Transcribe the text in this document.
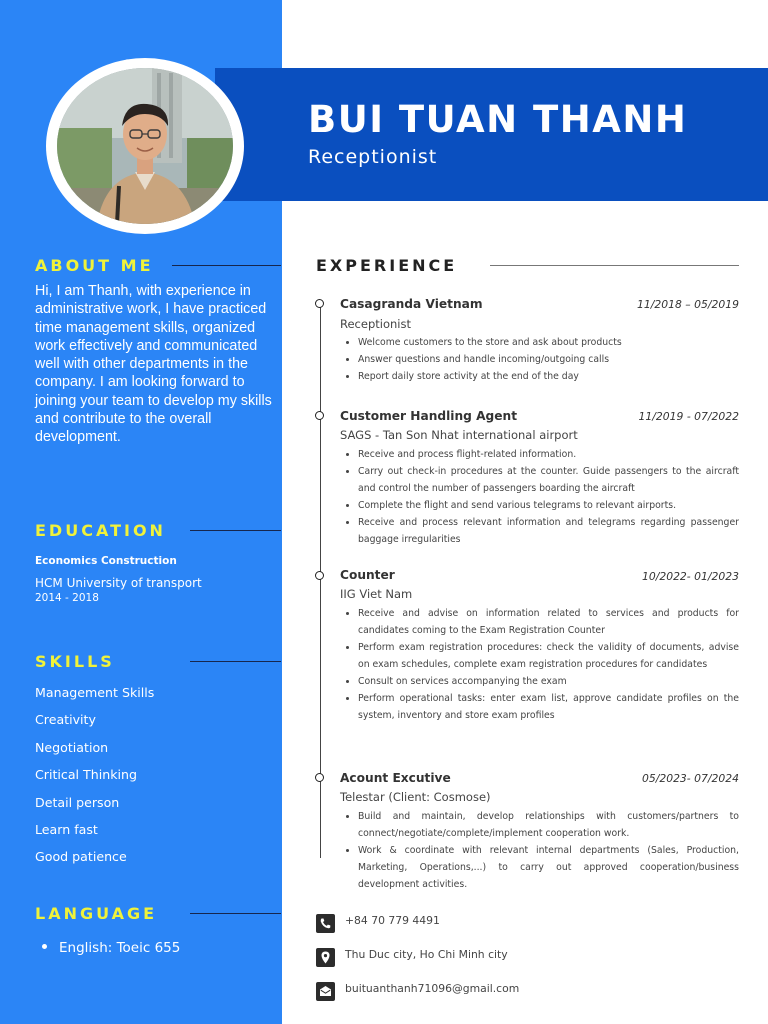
BUI TUAN THANH
Receptionist
ABOUT ME
Hi, I am Thanh, with experience in administrative work, I have practiced time management skills, organized work effectively and communicated well with other departments in the company. I am looking forward to joining your team to develop my skills and contribute to the overall development.
EDUCATION
Economics Construction
HCM University of transport
2014 - 2018
SKILLS
Management Skills
Creativity
Negotiation
Critical Thinking
Detail person
Learn fast
Good patience
LANGUAGE
English: Toeic 655
EXPERIENCE
Casagranda Vietnam	11/2018 – 05/2019
Receptionist
Welcome customers to the store and ask about products
Answer questions and handle incoming/outgoing calls
Report daily store activity at the end of the day
Customer Handling Agent	11/2019 - 07/2022
SAGS - Tan Son Nhat international airport
Receive and process flight-related information.
Carry out check-in procedures at the counter. Guide passengers to the aircraft and control the number of passengers boarding the aircraft
Complete the flight and send various telegrams to relevant airports.
Receive and process relevant information and telegrams regarding passenger baggage irregularities
Counter	10/2022- 01/2023
IIG Viet Nam
Receive and advise on information related to services and products for candidates coming to the Exam Registration Counter
Perform exam registration procedures: check the validity of documents, advise on exam schedules, complete exam registration procedures for candidates
Consult on services accompanying the exam
Perform operational tasks: enter exam list, approve candidate profiles on the system, inventory and store exam profiles
Acount Excutive	05/2023- 07/2024
Telestar (Client: Cosmose)
Build and maintain, develop relationships with customers/partners to connect/negotiate/complete/implement cooperation work.
Work & coordinate with relevant internal departments (Sales, Production, Marketing, Operations,...) to carry out approved cooperation/business development activities.
+84 70 779 4491
Thu Duc city, Ho Chi Minh city
buituanthanh71096@gmail.com
